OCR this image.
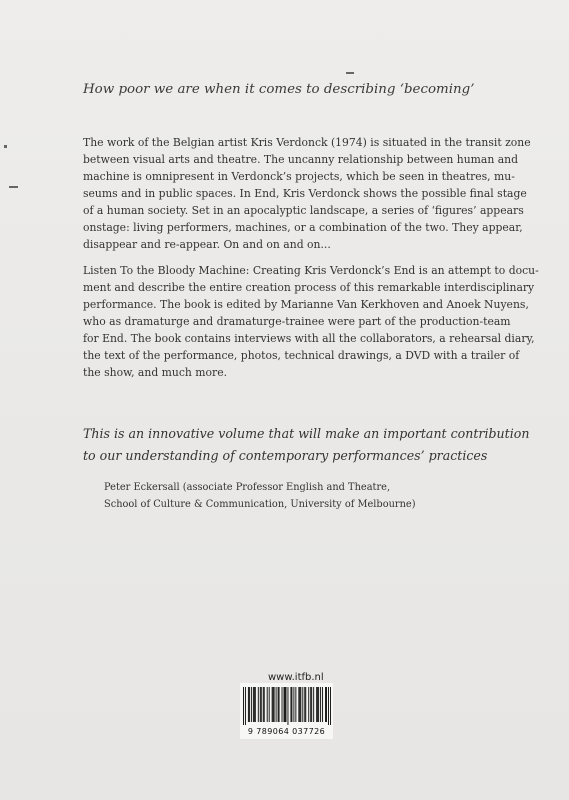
How poor we are when it comes to describing ‘becoming’
The work of the Belgian artist Kris Verdonck (1974) is situated in the transit zone
between visual arts and theatre. The uncanny relationship between human and
machine is omnipresent in Verdonck’s projects, which be seen in theatres, mu-
seums and in public spaces. In End, Kris Verdonck shows the possible final stage
of a human society. Set in an apocalyptic landscape, a series of ‘figures’ appears
onstage: living performers, machines, or a combination of the two. They appear,
disappear and re-appear. On and on and on...
Listen To the Bloody Machine: Creating Kris Verdonck’s End is an attempt to docu-
ment and describe the entire creation process of this remarkable interdisciplinary
performance. The book is edited by Marianne Van Kerkhoven and Anoek Nuyens,
who as dramaturge and dramaturge-trainee were part of the production-team
for End. The book contains interviews with all the collaborators, a rehearsal diary,
the text of the performance, photos, technical drawings, a DVD with a trailer of
the show, and much more.
This is an innovative volume that will make an important contribution
to our understanding of contemporary performances’ practices
Peter Eckersall (associate Professor English and Theatre,
School of Culture & Communication, University of Melbourne)
www.itfb.nl
9 789064 037726
